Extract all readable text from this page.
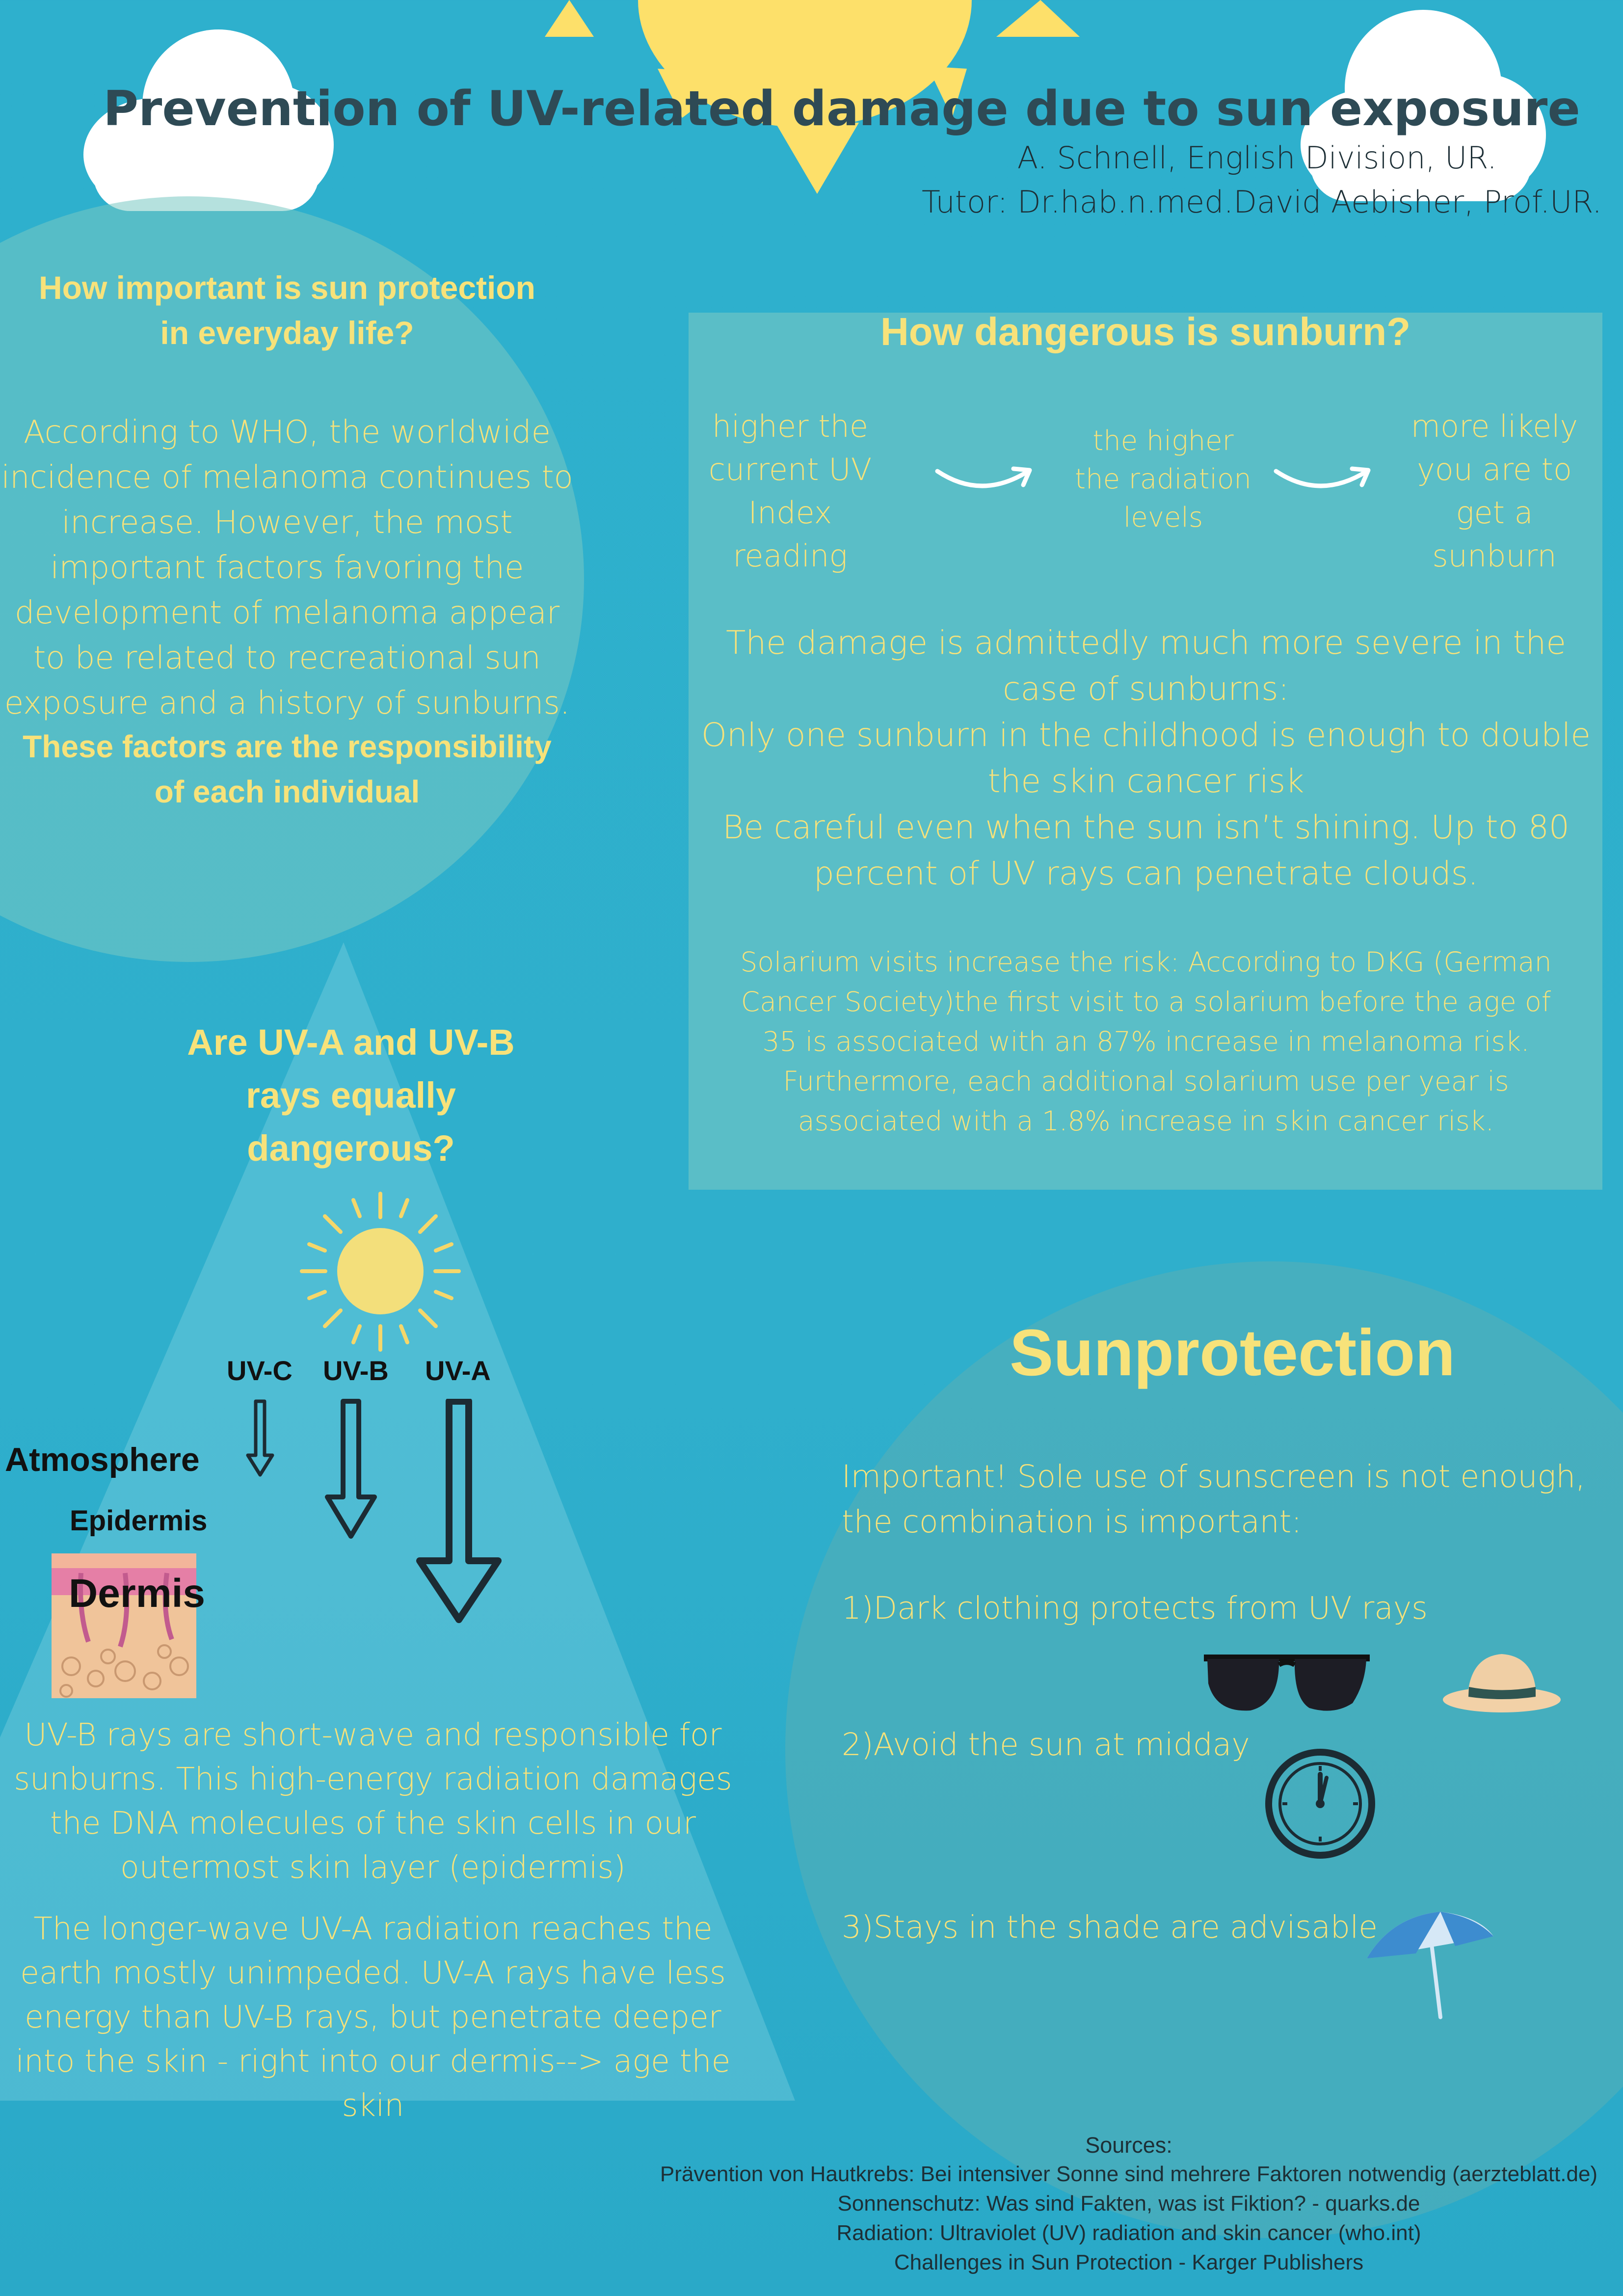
Prevention of UV-related damage due to sun exposure
A. Schnell, English Division, UR.
Tutor: Dr.hab.n.med.David Aebisher, Prof.UR.
How important is sun protection in everyday life?
According to WHO, the worldwide incidence of melanoma continues to increase. However, the most important factors favoring the development of melanoma appear to be related to recreational sun exposure and a history of sunburns.
These factors are the responsibility of each individual
How dangerous is sunburn?
higher the current UV Index reading
the higher the radiation levels
more likely you are to get a sunburn
The damage is admittedly much more severe in the case of sunburns:
Only one sunburn in the childhood is enough to double the skin cancer risk
Be careful even when the sun isn’t shining. Up to 80 percent of UV rays can penetrate clouds.
Solarium visits increase the risk: According to DKG (German Cancer Society)the first visit to a solarium before the age of 35 is associated with an 87% increase in melanoma risk. Furthermore, each additional solarium use per year is associated with a 1.8% increase in skin cancer risk.
Are UV-A and UV-B rays equally dangerous?
UV-C UV-B UV-A
Atmosphere
Epidermis
Dermis
UV-B rays are short-wave and responsible for sunburns. This high-energy radiation damages the DNA molecules of the skin cells in our outermost skin layer (epidermis)
The longer-wave UV-A radiation reaches the earth mostly unimpeded. UV-A rays have less energy than UV-B rays, but penetrate deeper into the skin - right into our dermis--> age the skin
Sunprotection
Important! Sole use of sunscreen is not enough, the combination is important:
1)Dark clothing protects from UV rays
2)Avoid the sun at midday
3)Stays in the shade are advisable
Sources:
Prävention von Hautkrebs: Bei intensiver Sonne sind mehrere Faktoren notwendig (aerzteblatt.de)
Sonnenschutz: Was sind Fakten, was ist Fiktion? - quarks.de
Radiation: Ultraviolet (UV) radiation and skin cancer (who.int)
Challenges in Sun Protection - Karger Publishers
